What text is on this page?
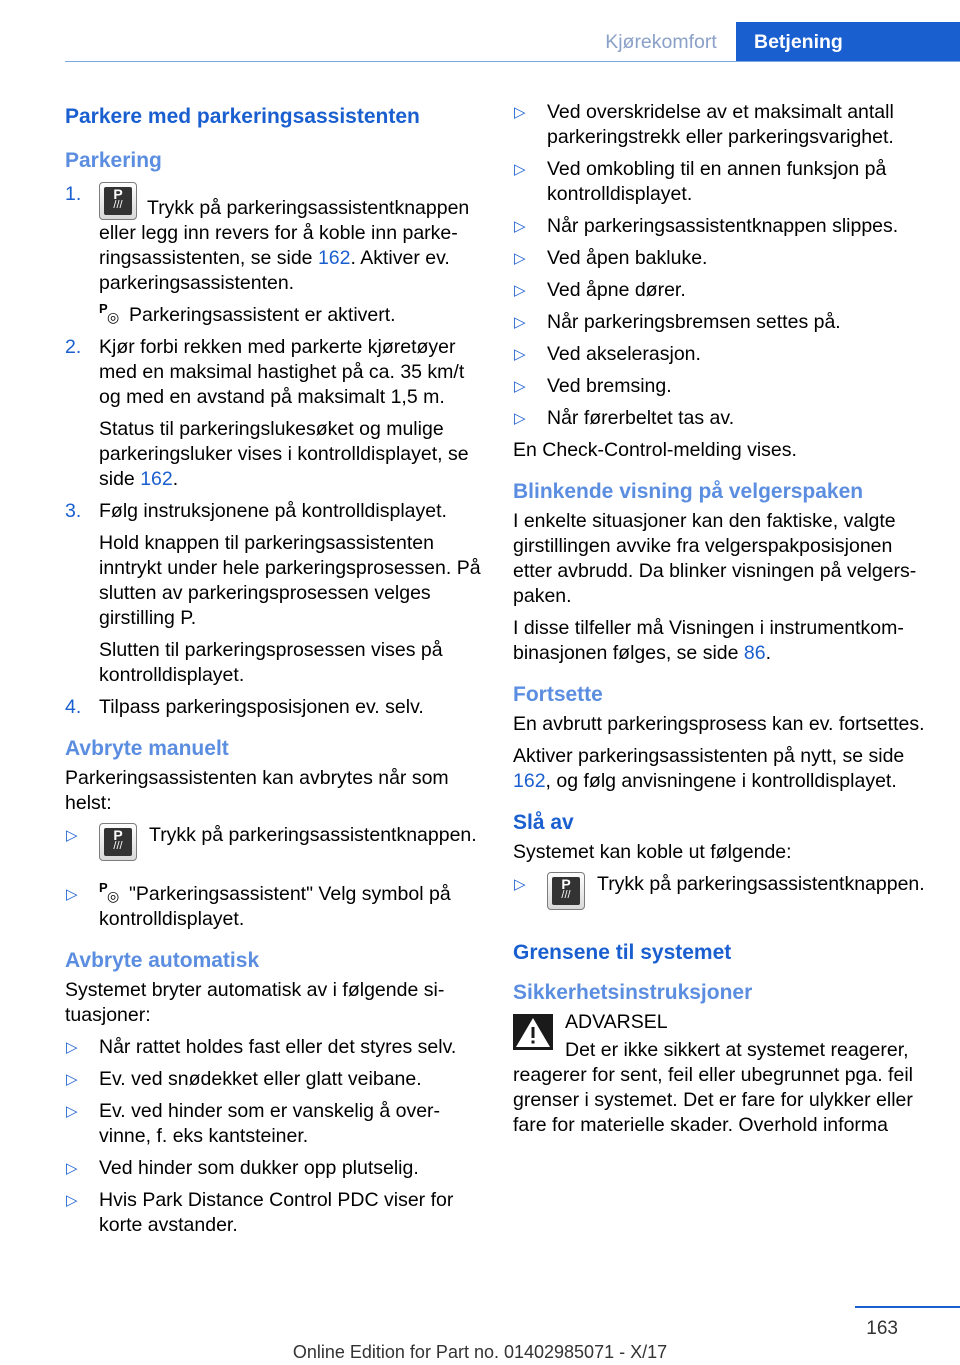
Kjørekomfort	Betjening
Parkere med parkeringsassistenten
Parkering
1.	P
///	Trykk på parkeringsassistentknappen eller legg inn revers for å koble inn parkeringsassistenten, se side 162. Aktiver ev. parkeringsassistenten.

P
◎ Parkeringsassistent er aktivert.

2. Kjør forbi rekken med parkerte kjøretøyer med en maksimal hastighet på ca. 35 km/t og med en avstand på maksimalt 1,5 m.

Status til parkeringslukesøket og mulige parkeringsluker vises i kontrolldisplayet, se side 162.

3. Følg instruksjonene på kontrolldisplayet.

Hold knappen til parkeringsassistenten inntrykt under hele parkeringsprosessen. På slutten av parkeringsprosessen velges girstilling P.

Slutten til parkeringsprosessen vises på kontrolldisplayet.

4. Tilpass parkeringsposisjonen ev. selv.

Avbryte manuelt

Parkeringsassistenten kan avbrytes når som helst:

▷	P
///	Trykk på parkeringsassistentknappen.
▷ P
◎ "Parkeringsassistent" Velg symbol på kontrolldisplayet.
Avbryte automatisk

Systemet bryter automatisk av i følgende situasjoner:

▷ Når rattet holdes fast eller det styres selv.
▷ Ev. ved snødekket eller glatt veibane.
▷ Ev. ved hinder som er vanskelig å overvinne, f. eks kantsteiner.
▷ Ved hinder som dukker opp plutselig.
▷ Hvis Park Distance Control PDC viser for korte avstander.
▷ Ved overskridelse av et maksimalt antall parkeringstrekk eller parkeringsvarighet.
▷ Ved omkobling til en annen funksjon på kontrolldisplayet.
▷ Når parkeringsassistentknappen slippes.
▷ Ved åpen bakluke.
▷ Ved åpne dører.
▷ Når parkeringsbremsen settes på.
▷ Ved akselerasjon.
▷ Ved bremsing.
▷ Når førerbeltet tas av.

En Check-Control-melding vises.

Blinkende visning på velgerspaken

I enkelte situasjoner kan den faktiske, valgte girstillingen avvike fra velgerspakposisjonen etter avbrudd. Da blinker visningen på velgerspaken.

I disse tilfeller må Visningen i instrumentkombinasjonen følges, se side 86.

Fortsette

En avbrutt parkeringsprosess kan ev. fortsettes.

Aktiver parkeringsassistenten på nytt, se side 162, og følg anvisningene i kontrolldisplayet.

Slå av

Systemet kan koble ut følgende:

▷	P
///	Trykk på parkeringsassistentknappen.
Grensene til systemet
Sikkerhetsinstruksjoner

ADVARSEL

Det er ikke sikkert at systemet reagerer, reagerer for sent, feil eller ubegrunnet pga. feil grenser i systemet. Det er fare for ulykker eller fare for materielle skader. Overhold informa

163
Online Edition for Part no. 01402985071 - X/17
